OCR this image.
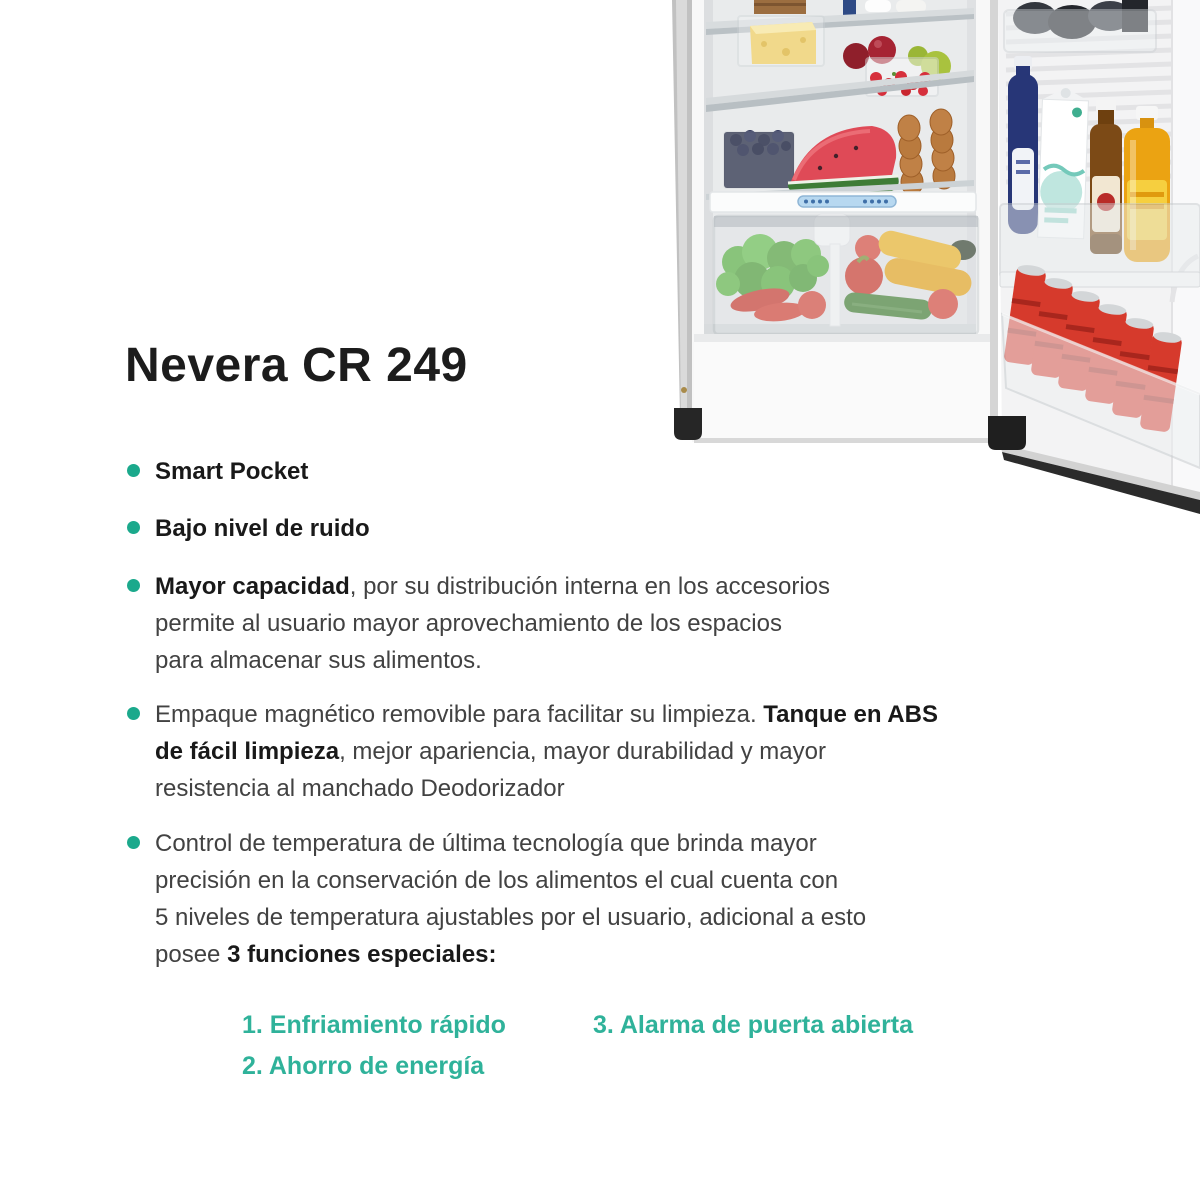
Nevera CR 249

Smart Pocket

Bajo nivel de ruido

Mayor capacidad, por su distribución interna en los accesorios
permite al usuario mayor aprovechamiento de los espacios
para almacenar sus alimentos.

Empaque magnético removible para facilitar su limpieza. Tanque en ABS
de fácil limpieza, mejor apariencia, mayor durabilidad y mayor
resistencia al manchado Deodorizador

Control de temperatura de última tecnología que brinda mayor
precisión en la conservación de los alimentos el cual cuenta con
5 niveles de temperatura ajustables por el usuario, adicional a esto
posee 3 funciones especiales:

1. Enfriamiento rápido
2. Ahorro de energía
3. Alarma de puerta abierta
